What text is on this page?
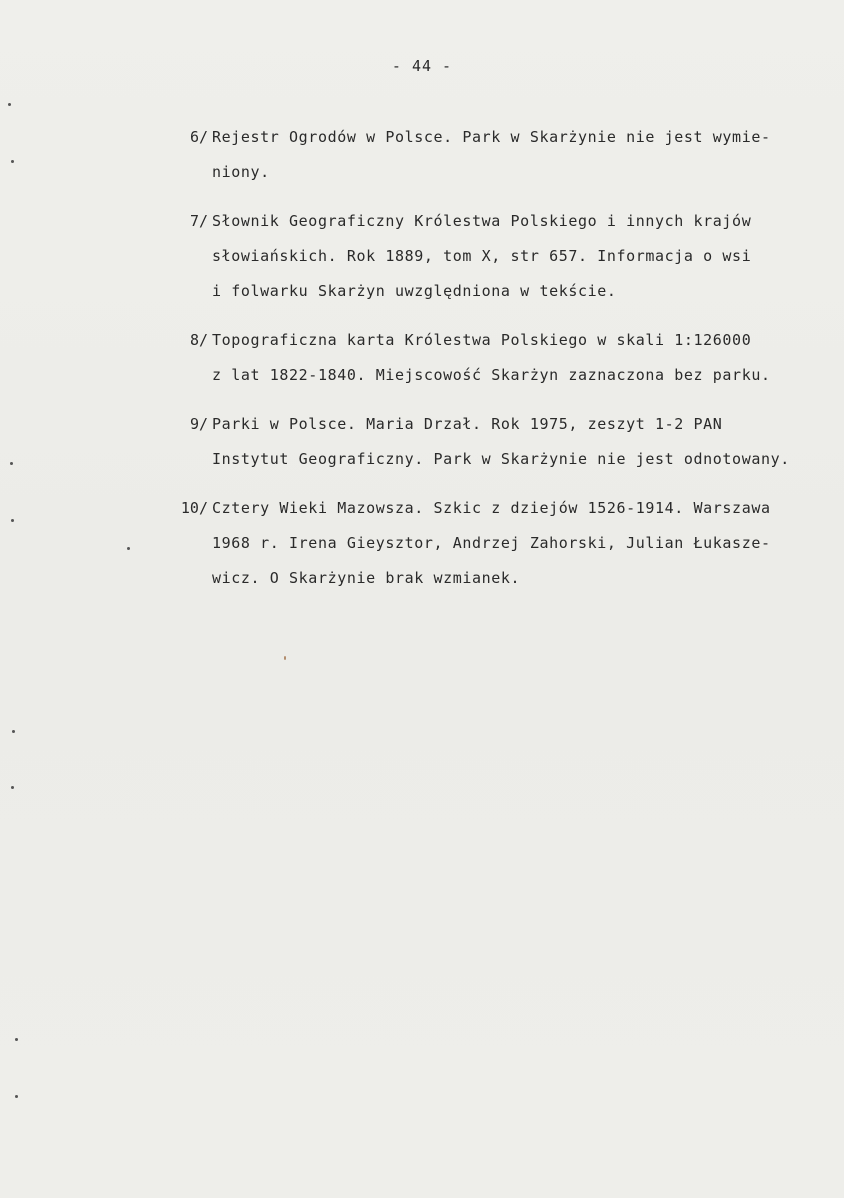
- 44 -
6/ Rejestr Ogrodów w Polsce. Park w Skarżynie nie jest wymie-
niony.
7/ Słownik Geograficzny Królestwa Polskiego i innych krajów
słowiańskich. Rok 1889, tom X, str 657. Informacja o wsi
i folwarku Skarżyn uwzględniona w tekście.
8/ Topograficzna karta Królestwa Polskiego w skali 1:126000
z lat 1822-1840. Miejscowość Skarżyn zaznaczona bez parku.
9/ Parki w Polsce. Maria Drzał. Rok 1975, zeszyt 1-2 PAN
Instytut Geograficzny. Park w Skarżynie nie jest odnotowany.
10/ Cztery Wieki Mazowsza. Szkic z dziejów 1526-1914. Warszawa
1968 r. Irena Gieysztor, Andrzej Zahorski, Julian Łukasze-
wicz. O Skarżynie brak wzmianek.
